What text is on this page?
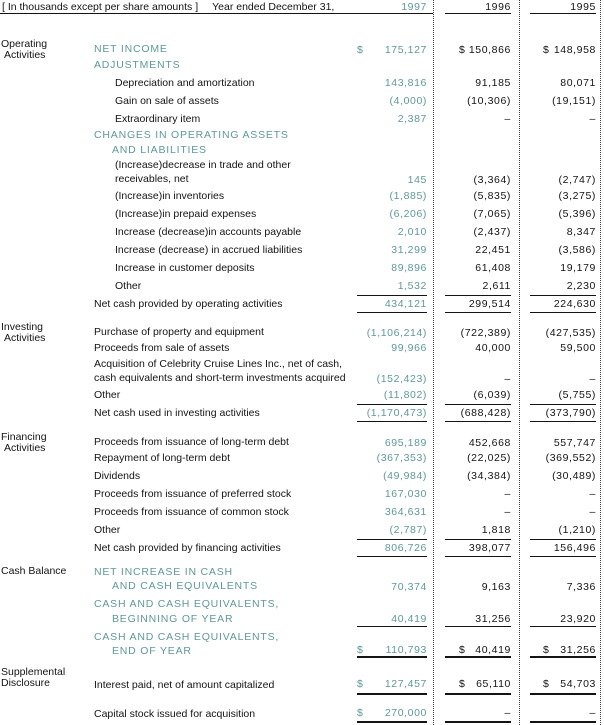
[ In thousands except per share amounts ] Year ended December 31,	1997	1996	1995
Operating
Activities	NET INCOME	$ 175,127	$ 150,866	$ 148,958
ADJUSTMENTS
Depreciation and amortization	143,816	91,185	80,071
Gain on sale of assets	(4,000)	(10,306)	(19,151)
Extraordinary item	2,387	–	–
CHANGES IN OPERATING ASSETS
AND LIABILITIES
(Increase)decrease in trade and other
receivables, net	145	(3,364)	(2,747)
(Increase)in inventories	(1,885)	(5,835)	(3,275)
(Increase)in prepaid expenses	(6,206)	(7,065)	(5,396)
Increase (decrease)in accounts payable	2,010	(2,437)	8,347
Increase (decrease) in accrued liabilities	31,299	22,451	(3,586)
Increase in customer deposits	89,896	61,408	19,179
Other	1,532	2,611	2,230
Net cash provided by operating activities	434,121	299,514	224,630
Investing
Activities	Purchase of property and equipment	(1,106,214)	(722,389)	(427,535)
Proceeds from sale of assets	99,966	40,000	59,500
Acquisition of Celebrity Cruise Lines Inc., net of cash,
cash equivalents and short-term investments acquired	(152,423)	–	–
Other	(11,802)	(6,039)	(5,755)
Net cash used in investing activities	(1,170,473)	(688,428)	(373,790)
Financing
Activities	Proceeds from issuance of long-term debt	695,189	452,668	557,747
Repayment of long-term debt	(367,353)	(22,025)	(369,552)
Dividends	(49,984)	(34,384)	(30,489)
Proceeds from issuance of preferred stock	167,030	–	–
Proceeds from issuance of common stock	364,631	–	–
Other	(2,787)	1,818	(1,210)
Net cash provided by financing activities	806,726	398,077	156,496
Cash Balance	NET INCREASE IN CASH
AND CASH EQUIVALENTS	70,374	9,163	7,336
CASH AND CASH EQUIVALENTS,
BEGINNING OF YEAR	40,419	31,256	23,920
CASH AND CASH EQUIVALENTS,
END OF YEAR	$ 110,793	$ 40,419	$ 31,256
Supplemental
Disclosure	Interest paid, net of amount capitalized	$ 127,457	$ 65,110	$ 54,703
Capital stock issued for acquisition	$ 270,000	–	–
